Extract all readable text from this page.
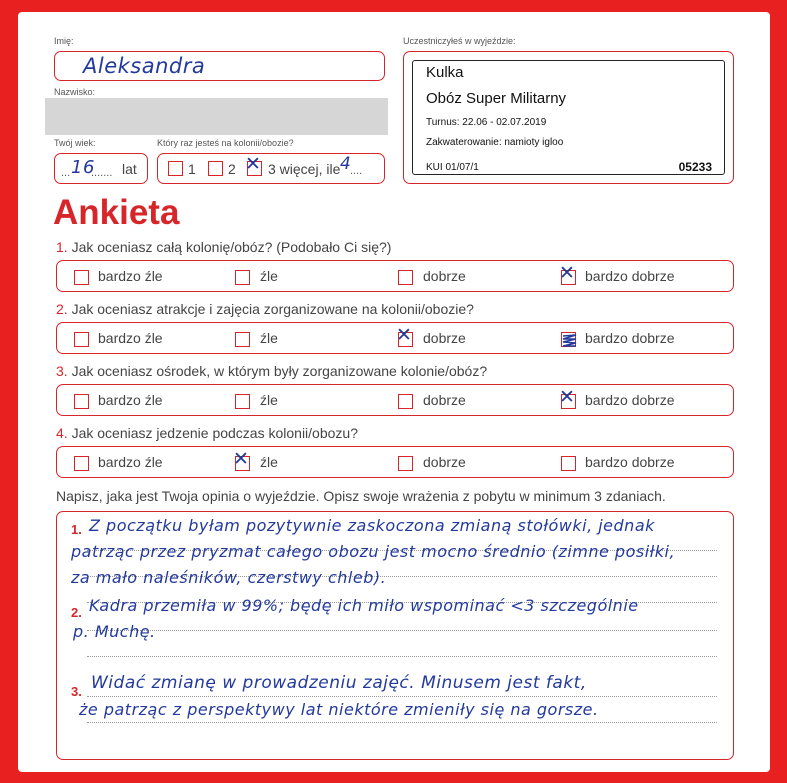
Imię:
Aleksandra
Nazwisko:
Twój wiek:
... 16
....... lat
Który raz jesteś na kolonii/obozie?
1 2 ✕ 3 więcej, ile 4
....
Uczestniczyłeś w wyjeździe:
Kulka
Obóz Super Militarny
Turnus: 22.06 - 02.07.2019
Zakwaterowanie: namioty igloo
KUI 01/07/1	05233
Ankieta
1. Jak oceniasz całą kolonię/obóz? (Podobało Ci się?)
bardzo źle	źle	dobrze	✕ bardzo dobrze
2. Jak oceniasz atrakcje i zajęcia zorganizowane na kolonii/obozie?
bardzo źle	źle	✕ dobrze	bardzo dobrze
3. Jak oceniasz ośrodek, w którym były zorganizowane kolonie/obóz?
bardzo źle	źle	dobrze	✕ bardzo dobrze
4. Jak oceniasz jedzenie podczas kolonii/obozu?
bardzo źle	✕ źle	dobrze	bardzo dobrze
Napisz, jaka jest Twoja opinia o wyjeździe. Opisz swoje wrażenia z pobytu w minimum 3 zdaniach.
1. Z początku byłam pozytywnie zaskoczona zmianą stołówki, jednak
patrząc przez pryzmat całego obozu jest mocno średnio (zimne posiłki,
za mało naleśników, czerstwy chleb).
2. Kadra przemiła w 99%; będę ich miło wspominać <3 szczególnie
p. Muchę.
3. Widać zmianę w prowadzeniu zajęć. Minusem jest fakt,
że patrząc z perspektywy lat niektóre zmieniły się na gorsze.
